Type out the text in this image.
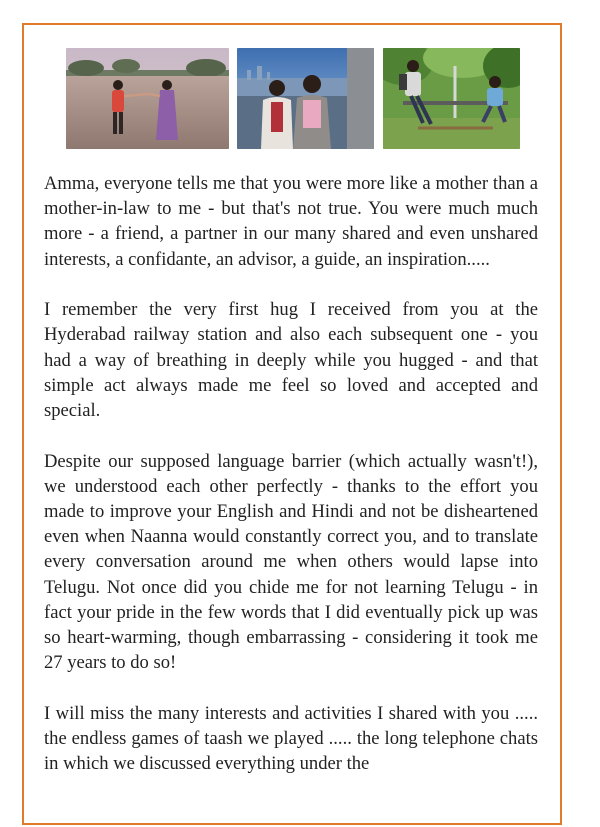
Amma, everyone tells me that you were more like a mother than a mother-in-law to me - but that's not true. You were much much more - a friend, a partner in our many shared and even unshared interests, a confidante, an advisor, a guide, an inspiration.....

I remember the very first hug I received from you at the Hyderabad railway station and also each subsequent one - you had a way of breathing in deeply while you hugged - and that simple act always made me feel so loved and accepted and special.

Despite our supposed language barrier (which actually wasn't!), we understood each other perfectly - thanks to the effort you made to improve your English and Hindi and not be disheartened even when Naanna would constantly correct you, and to translate every conversation around me when others would lapse into Telugu. Not once did you chide me for not learning Telugu - in fact your pride in the few words that I did eventually pick up was so heart-warming, though embarrassing - considering it took me 27 years to do so!

I will miss the many interests and activities I shared with you ..... the endless games of taash we played ..... the long telephone chats in which we discussed everything under the
